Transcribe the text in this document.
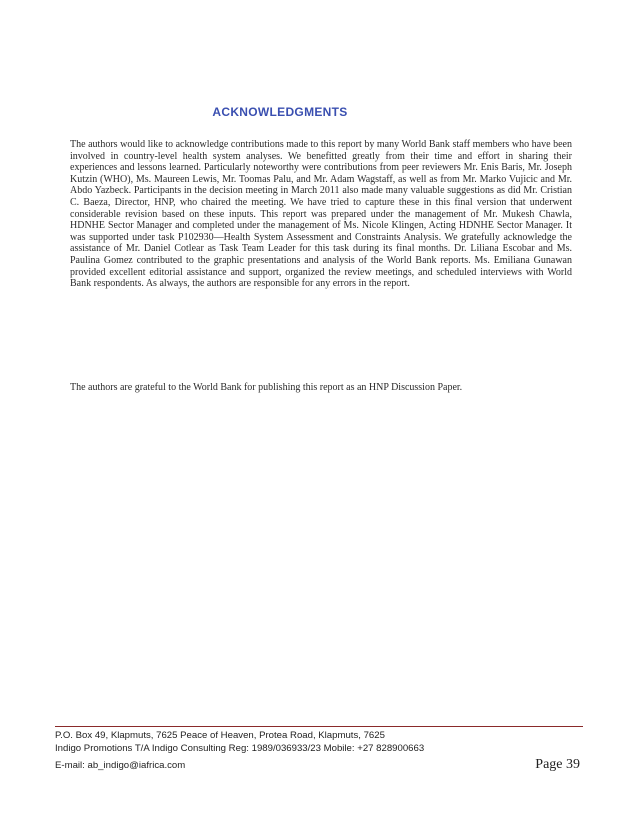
ACKNOWLEDGMENTS

The authors would like to acknowledge contributions made to this report by many World Bank staff members who have been involved in country-level health system analyses. We benefitted greatly from their time and effort in sharing their experiences and lessons learned. Particularly noteworthy were contributions from peer reviewers Mr. Enis Baris, Mr. Joseph Kutzin (WHO), Ms. Maureen Lewis, Mr. Toomas Palu, and Mr. Adam Wagstaff, as well as from Mr. Marko Vujicic and Mr. Abdo Yazbeck. Participants in the decision meeting in March 2011 also made many valuable suggestions as did Mr. Cristian C. Baeza, Director, HNP, who chaired the meeting. We have tried to capture these in this final version that underwent considerable revision based on these inputs. This report was prepared under the management of Mr. Mukesh Chawla, HDNHE Sector Manager and completed under the management of Ms. Nicole Klingen, Acting HDNHE Sector Manager. It was supported under task P102930—Health System Assessment and Constraints Analysis. We gratefully acknowledge the assistance of Mr. Daniel Cotlear as Task Team Leader for this task during its final months. Dr. Liliana Escobar and Ms. Paulina Gomez contributed to the graphic presentations and analysis of the World Bank reports. Ms. Emiliana Gunawan provided excellent editorial assistance and support, organized the review meetings, and scheduled interviews with World Bank respondents. As always, the authors are responsible for any errors in the report.

The authors are grateful to the World Bank for publishing this report as an HNP Discussion Paper.

P.O. Box 49, Klapmuts, 7625 Peace of Heaven, Protea Road, Klapmuts, 7625
Indigo Promotions T/A Indigo Consulting Reg: 1989/036933/23 Mobile: +27 828900663
E-mail: ab_indigo@iafrica.com	Page 39
